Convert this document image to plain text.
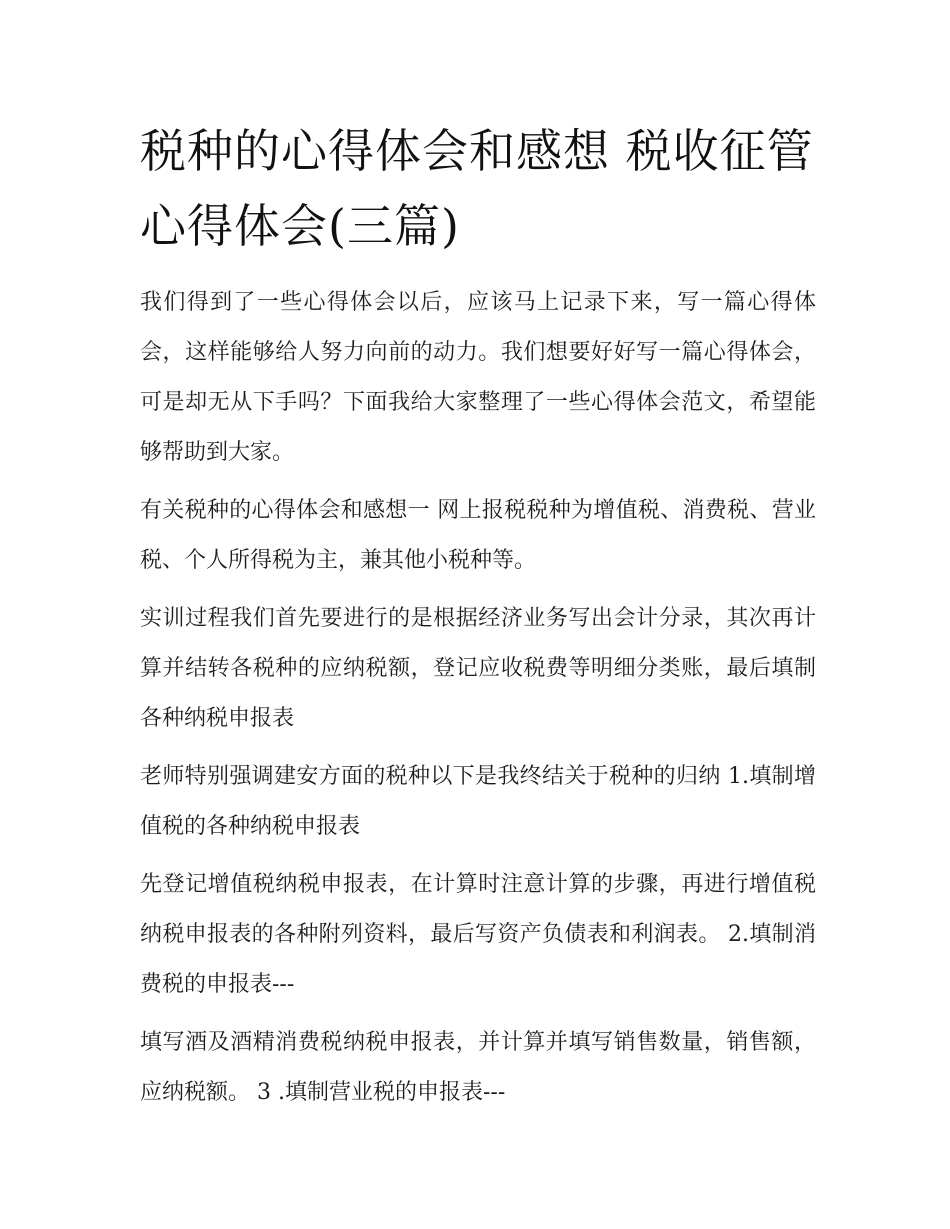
税种的心得体会和感想 税收征管心得体会(三篇)

我们得到了一些心得体会以后，应该马上记录下来，写一篇心得体会，这样能够给人努力向前的动力。我们想要好好写一篇心得体会，可是却无从下手吗？下面我给大家整理了一些心得体会范文，希望能够帮助到大家。

有关税种的心得体会和感想一 网上报税税种为增值税、消费税、营业税、个人所得税为主，兼其他小税种等。

实训过程我们首先要进行的是根据经济业务写出会计分录，其次再计算并结转各税种的应纳税额，登记应收税费等明细分类账，最后填制各种纳税申报表

老师特别强调建安方面的税种以下是我终结关于税种的归纳 1.填制增值税的各种纳税申报表

先登记增值税纳税申报表，在计算时注意计算的步骤，再进行增值税纳税申报表的各种附列资料，最后写资产负债表和利润表。 2.填制消费税的申报表---

填写酒及酒精消费税纳税申报表，并计算并填写销售数量，销售额，应纳税额。 3 .填制营业税的申报表---
